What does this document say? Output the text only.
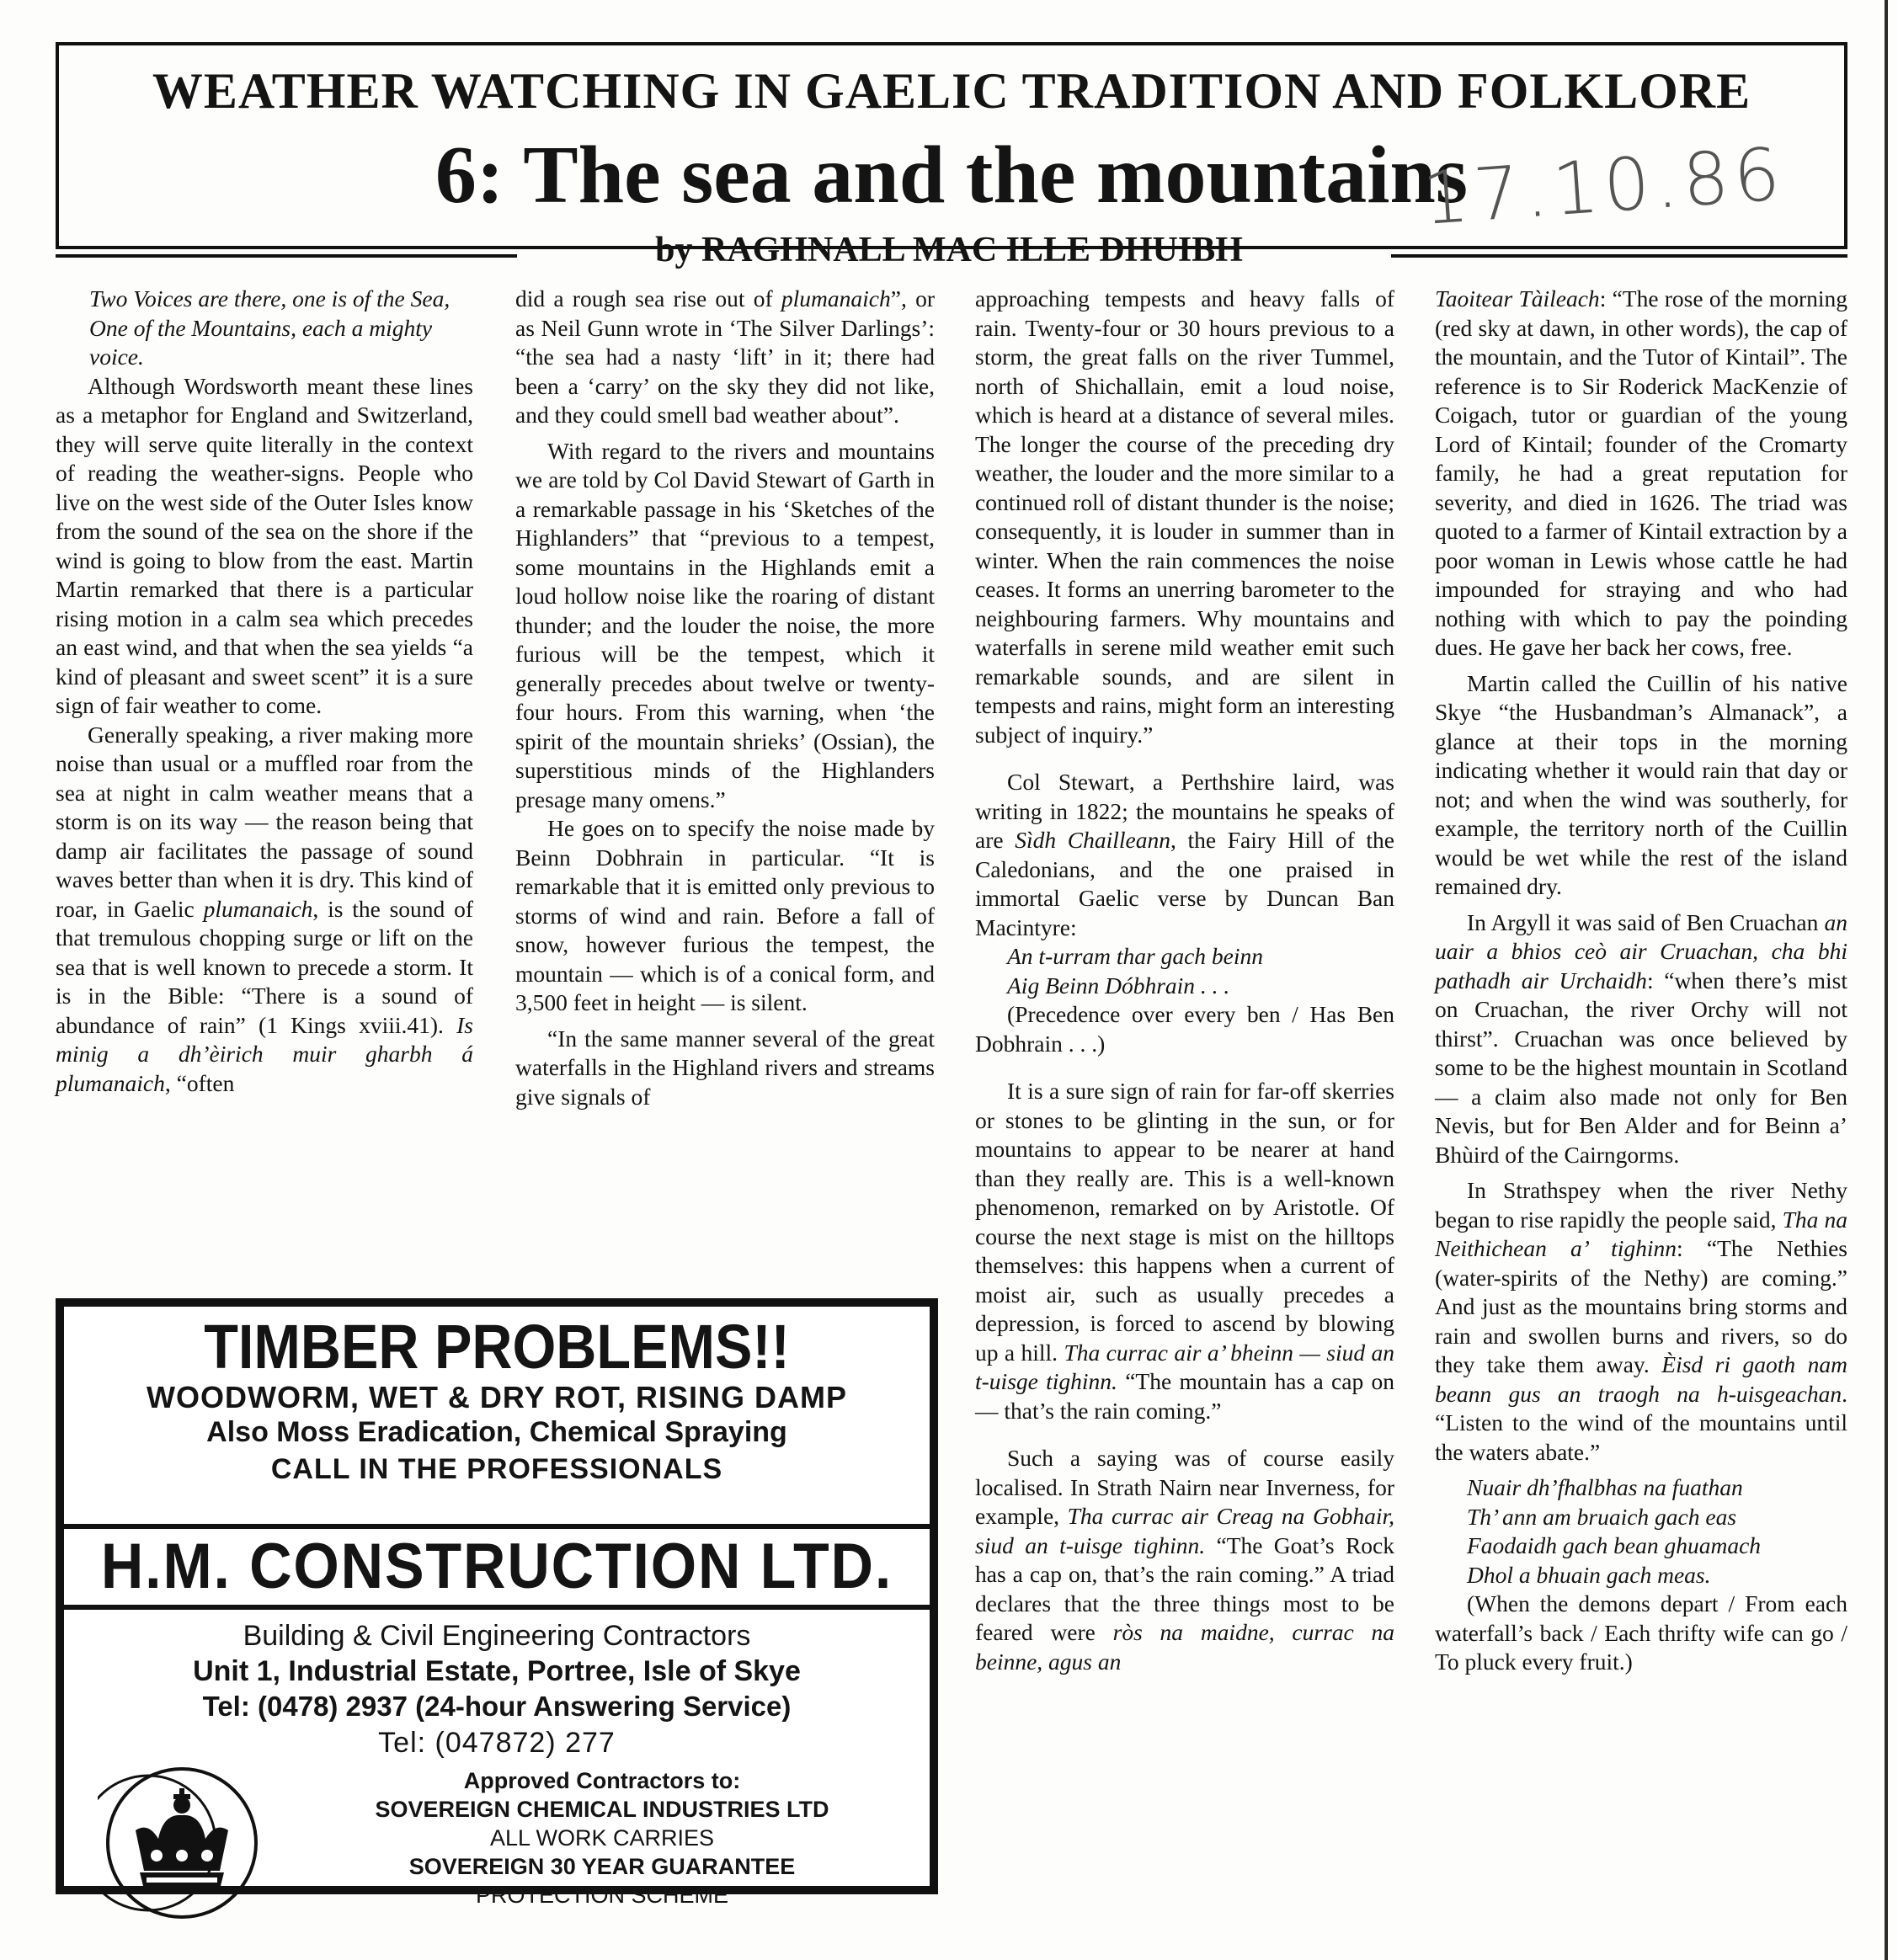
WEATHER WATCHING IN GAELIC TRADITION AND FOLKLORE
6: The sea and the mountains
17.10.86
by RAGHNALL MAC ILLE DHUIBH

Two Voices are there, one is of the Sea,

One of the Mountains, each a mighty voice.

Although Wordsworth meant these lines as a metaphor for England and Switzerland, they will serve quite literally in the context of reading the weather-signs. People who live on the west side of the Outer Isles know from the sound of the sea on the shore if the wind is going to blow from the east. Martin Martin remarked that there is a particular rising motion in a calm sea which precedes an east wind, and that when the sea yields “a kind of pleasant and sweet scent” it is a sure sign of fair weather to come.

Generally speaking, a river making more noise than usual or a muffled roar from the sea at night in calm weather means that a storm is on its way — the reason being that damp air facilitates the passage of sound waves better than when it is dry. This kind of roar, in Gaelic plumanaich, is the sound of that tremulous chopping surge or lift on the sea that is well known to precede a storm. It is in the Bible: “There is a sound of abundance of rain” (1 Kings xviii.41). Is minig a dh’èirich muir gharbh á plumanaich, “often

did a rough sea rise out of plumanaich”, or as Neil Gunn wrote in ‘The Silver Darlings’: “the sea had a nasty ‘lift’ in it; there had been a ‘carry’ on the sky they did not like, and they could smell bad weather about”.

With regard to the rivers and mountains we are told by Col David Stewart of Garth in a remarkable passage in his ‘Sketches of the Highlanders” that “previous to a tempest, some mountains in the Highlands emit a loud hollow noise like the roaring of distant thunder; and the louder the noise, the more furious will be the tempest, which it generally precedes about twelve or twenty-four hours. From this warning, when ‘the spirit of the mountain shrieks’ (Ossian), the superstitious minds of the Highlanders presage many omens.”

He goes on to specify the noise made by Beinn Dobhrain in particular. “It is remarkable that it is emitted only previous to storms of wind and rain. Before a fall of snow, however furious the tempest, the mountain — which is of a conical form, and 3,500 feet in height — is silent.

“In the same manner several of the great waterfalls in the Highland rivers and streams give signals of

approaching tempests and heavy falls of rain. Twenty-four or 30 hours previous to a storm, the great falls on the river Tummel, north of Shichallain, emit a loud noise, which is heard at a distance of several miles. The longer the course of the preceding dry weather, the louder and the more similar to a continued roll of distant thunder is the noise; consequently, it is louder in summer than in winter. When the rain commences the noise ceases. It forms an unerring barometer to the neighbouring farmers. Why mountains and waterfalls in serene mild weather emit such remarkable sounds, and are silent in tempests and rains, might form an interesting subject of inquiry.”

Col Stewart, a Perthshire laird, was writing in 1822; the mountains he speaks of are Sìdh Chailleann, the Fairy Hill of the Caledonians, and the one praised in immortal Gaelic verse by Duncan Ban Macintyre:

An t-urram thar gach beinn

Aig Beinn Dóbhrain . . .

(Precedence over every ben / Has Ben Dobhrain . . .)

It is a sure sign of rain for far-off skerries or stones to be glinting in the sun, or for mountains to appear to be nearer at hand than they really are. This is a well-known phenomenon, remarked on by Aristotle. Of course the next stage is mist on the hilltops themselves: this happens when a current of moist air, such as usually precedes a depression, is forced to ascend by blowing up a hill. Tha currac air a’ bheinn — siud an t-uisge tighinn. “The mountain has a cap on — that’s the rain coming.”

Such a saying was of course easily localised. In Strath Nairn near Inverness, for example, Tha currac air Creag na Gobhair, siud an t-uisge tighinn. “The Goat’s Rock has a cap on, that’s the rain coming.” A triad declares that the three things most to be feared were ròs na maidne, currac na beinne, agus an

Taoitear Tàileach: “The rose of the morning (red sky at dawn, in other words), the cap of the mountain, and the Tutor of Kintail”. The reference is to Sir Roderick MacKenzie of Coigach, tutor or guardian of the young Lord of Kintail; founder of the Cromarty family, he had a great reputation for severity, and died in 1626. The triad was quoted to a farmer of Kintail extraction by a poor woman in Lewis whose cattle he had impounded for straying and who had nothing with which to pay the poinding dues. He gave her back her cows, free.

Martin called the Cuillin of his native Skye “the Husbandman’s Almanack”, a glance at their tops in the morning indicating whether it would rain that day or not; and when the wind was southerly, for example, the territory north of the Cuillin would be wet while the rest of the island remained dry.

In Argyll it was said of Ben Cruachan an uair a bhios ceò air Cruachan, cha bhi pathadh air Urchaidh: “when there’s mist on Cruachan, the river Orchy will not thirst”. Cruachan was once believed by some to be the highest mountain in Scotland — a claim also made not only for Ben Nevis, but for Ben Alder and for Beinn a’ Bhùird of the Cairngorms.

In Strathspey when the river Nethy began to rise rapidly the people said, Tha na Neithichean a’ tighinn: “The Nethies (water-spirits of the Nethy) are coming.” And just as the mountains bring storms and rain and swollen burns and rivers, so do they take them away. Èisd ri gaoth nam beann gus an traogh na h-uisgeachan. “Listen to the wind of the mountains until the waters abate.”

Nuair dh’fhalbhas na fuathan

Th’ ann am bruaich gach eas

Faodaidh gach bean ghuamach

Dhol a bhuain gach meas.

(When the demons depart / From each waterfall’s back / Each thrifty wife can go / To pluck every fruit.)

TIMBER PROBLEMS!!
WOODWORM, WET & DRY ROT, RISING DAMP
Also Moss Eradication, Chemical Spraying
CALL IN THE PROFESSIONALS
H.M. CONSTRUCTION LTD.
Building & Civil Engineering Contractors
Unit 1, Industrial Estate, Portree, Isle of Skye
Tel: (0478) 2937 (24-hour Answering Service)
Tel: (047872) 277
Approved Contractors to:
SOVEREIGN CHEMICAL INDUSTRIES LTD
ALL WORK CARRIES
SOVEREIGN 30 YEAR GUARANTEE
PROTECTION SCHEME
